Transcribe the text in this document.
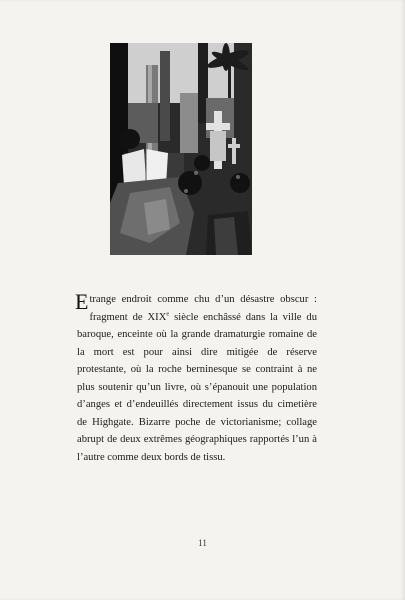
Etrange endroit comme chu d’un désastre obscur : fragment de XIXe siècle enchâssé dans la ville du baroque, enceinte où la grande dramaturgie romaine de la mort est pour ainsi dire mitigée de réserve protestante, où la roche berninesque se contraint à ne plus soutenir qu’un livre, où s’épanouit une population d’anges et d’endeuillés directement issus du cimetière de Highgate. Bizarre poche de victorianisme; collage abrupt de deux extrêmes géographiques rapportés l’un à l’autre comme deux bords de tissu.

11
